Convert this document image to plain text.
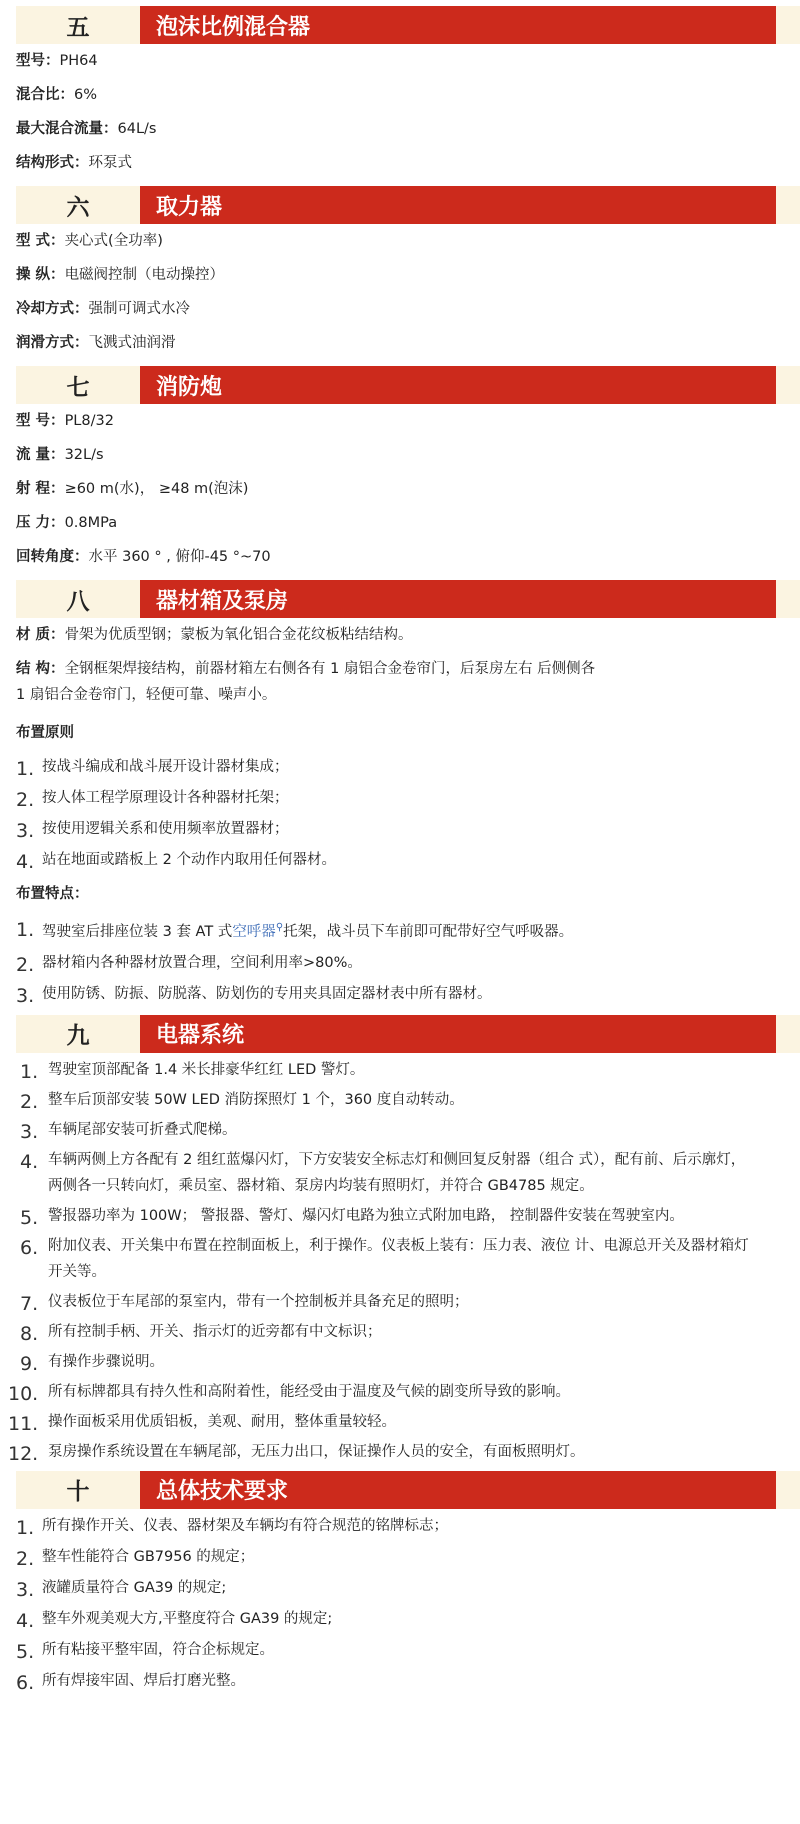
五	泡沫比例混合器
型号：PH64
混合比：6%
最大混合流量：64L/s
结构形式：环泵式
六	取力器
型 式：夹心式(全功率)
操 纵：电磁阀控制（电动操控）
冷却方式：强制可调式水冷
润滑方式：飞溅式油润滑
七	消防炮
型 号：PL8/32
流 量：32L/s
射 程：≥60 m(水)， ≥48 m(泡沫)
压 力：0.8MPa
回转角度：水平 360 ° , 俯仰-45 °~70
八	器材箱及泵房
材 质：骨架为优质型钢；蒙板为氧化铝合金花纹板粘结结构。
结 构：全钢框架焊接结构，前器材箱左右侧各有 1 扇铝合金卷帘门，后泵房左右 后侧侧各
1 扇铝合金卷帘门，轻便可靠、噪声小。
布置原则
1. 按战斗编成和战斗展开设计器材集成；
2. 按人体工程学原理设计各种器材托架；
3. 按使用逻辑关系和使用频率放置器材；
4. 站在地面或踏板上 2 个动作内取用任何器材。
布置特点：
1. 驾驶室后排座位装 3 套 AT 式空呼器⚲托架，战斗员下车前即可配带好空气呼吸器。
2. 器材箱内各种器材放置合理，空间利用率>80%。
3. 使用防锈、防振、防脱落、防划伤的专用夹具固定器材表中所有器材。
九	电器系统
1. 驾驶室顶部配备 1.4 米长排豪华红红 LED 警灯。
2. 整车后顶部安装 50W LED 消防探照灯 1 个，360 度自动转动。
3. 车辆尾部安装可折叠式爬梯。
4. 车辆两侧上方各配有 2 组红蓝爆闪灯，下方安装安全标志灯和侧回复反射器（组合 式），配有前、后示廓灯，两侧各一只转向灯，乘员室、器材箱、泵房内均装有照明灯，并符合 GB4785 规定。
5. 警报器功率为 100W； 警报器、警灯、爆闪灯电路为独立式附加电路， 控制器件安装在驾驶室内。
6. 附加仪表、开关集中布置在控制面板上，利于操作。仪表板上装有：压力表、液位 计、电源总开关及器材箱灯开关等。
7. 仪表板位于车尾部的泵室内，带有一个控制板并具备充足的照明；
8. 所有控制手柄、开关、指示灯的近旁都有中文标识；
9. 有操作步骤说明。
10. 所有标牌都具有持久性和高附着性，能经受由于温度及气候的剧变所导致的影响。
11. 操作面板采用优质铝板，美观、耐用，整体重量较轻。
12. 泵房操作系统设置在车辆尾部，无压力出口，保证操作人员的安全，有面板照明灯。
十	总体技术要求
1. 所有操作开关、仪表、器材架及车辆均有符合规范的铭牌标志；
2. 整车性能符合 GB7956 的规定；
3. 液罐质量符合 GA39 的规定;
4. 整车外观美观大方,平整度符合 GA39 的规定;
5. 所有粘接平整牢固，符合企标规定。
6. 所有焊接牢固、焊后打磨光整。
